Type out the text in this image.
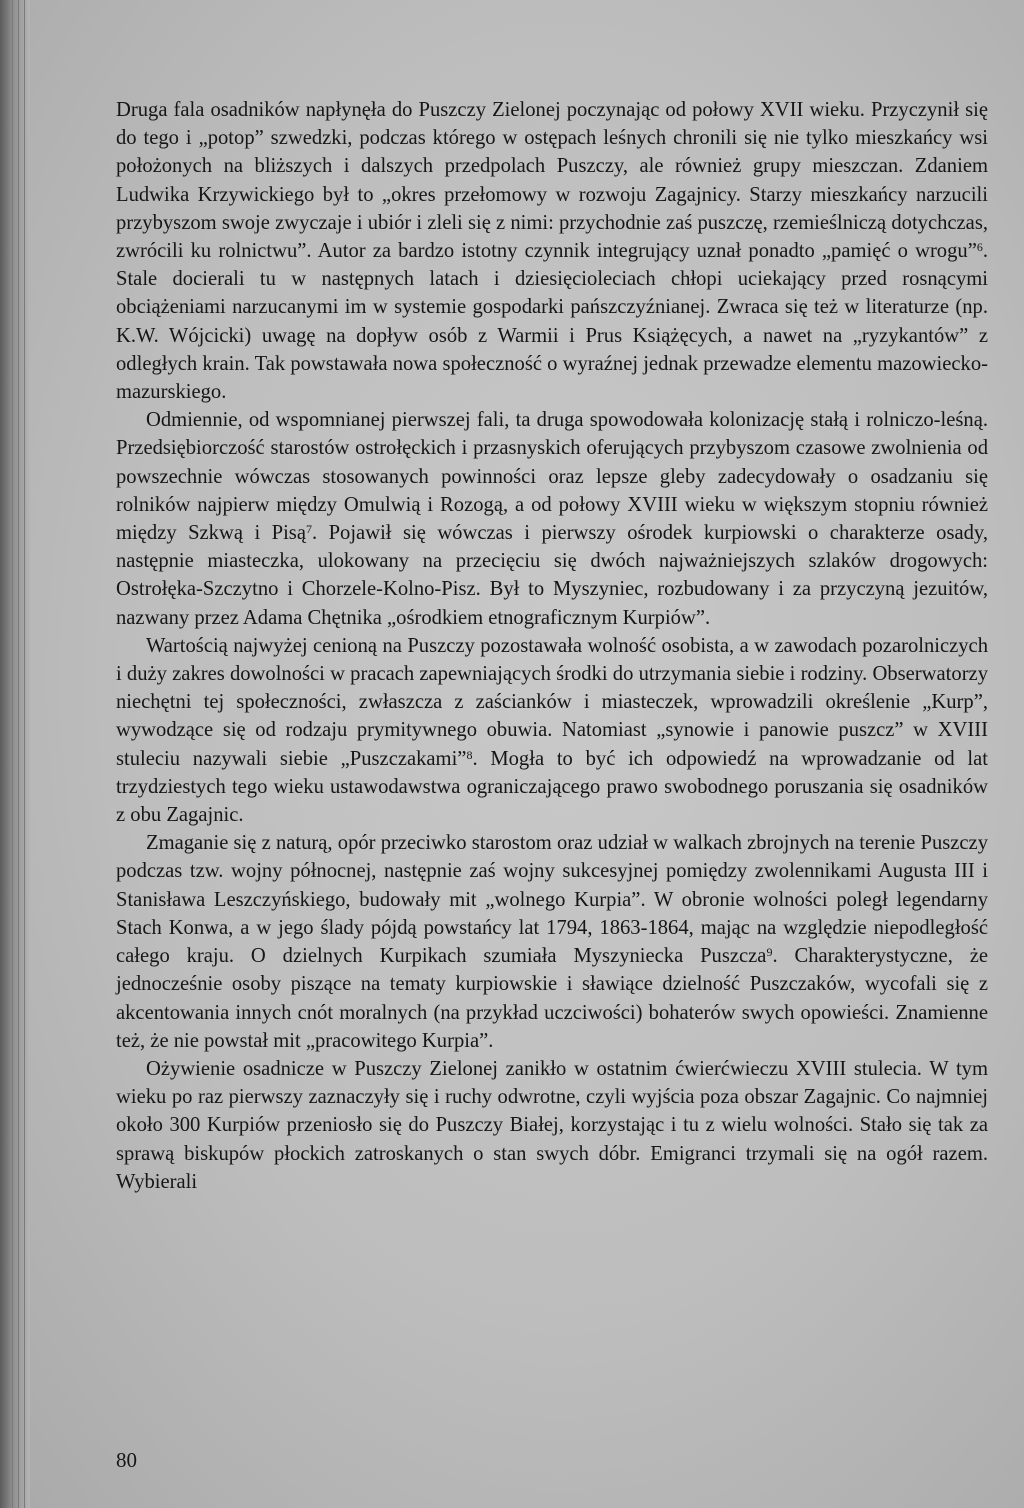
Druga fala osadników napłynęła do Puszczy Zielonej poczynając od połowy XVII wieku. Przyczynił się do tego i „potop” szwedzki, podczas którego w ostępach leśnych chronili się nie tylko mieszkańcy wsi położonych na bliższych i dalszych przedpolach Puszczy, ale również grupy mieszczan. Zdaniem Ludwika Krzywickiego był to „okres przełomowy w rozwoju Zagajnicy. Starzy mieszkańcy narzucili przybyszom swoje zwyczaje i ubiór i zleli się z nimi: przychodnie zaś puszczę, rzemieślniczą dotychczas, zwrócili ku rolnictwu”. Autor za bardzo istotny czynnik integrujący uznał ponadto „pamięć o wrogu”$^6$. Stale docierali tu w następnych latach i dziesięcioleciach chłopi uciekający przed rosnącymi obciążeniami narzucanymi im w systemie gospodarki pańszczyźnianej. Zwraca się też w literaturze (np. K.W. Wójcicki) uwagę na dopływ osób z Warmii i Prus Książęcych, a nawet na „ryzykantów” z odległych krain. Tak powstawała nowa społeczność o wyraźnej jednak przewadze elementu mazowiecko-mazurskiego.

Odmiennie, od wspomnianej pierwszej fali, ta druga spowodowała kolonizację stałą i rolniczo-leśną. Przedsiębiorczość starostów ostrołęckich i przasnyskich oferujących przybyszom czasowe zwolnienia od powszechnie wówczas stosowanych powinności oraz lepsze gleby zadecydowały o osadzaniu się rolników najpierw między Omulwią i Rozogą, a od połowy XVIII wieku w większym stopniu również między Szkwą i Pisą$^7$. Pojawił się wówczas i pierwszy ośrodek kurpiowski o charakterze osady, następnie miasteczka, ulokowany na przecięciu się dwóch najważniejszych szlaków drogowych: Ostrołęka-Szczytno i Chorzele-Kolno-Pisz. Był to Myszyniec, rozbudowany i za przyczyną jezuitów, nazwany przez Adama Chętnika „ośrodkiem etnograficznym Kurpiów”.

Wartością najwyżej cenioną na Puszczy pozostawała wolność osobista, a w zawodach pozarolniczych i duży zakres dowolności w pracach zapewniających środki do utrzymania siebie i rodziny. Obserwatorzy niechętni tej społeczności, zwłaszcza z zaścianków i miasteczek, wprowadzili określenie „Kurp”, wywodzące się od rodzaju prymitywnego obuwia. Natomiast „synowie i panowie puszcz” w XVIII stuleciu nazywali siebie „Puszczakami”$^8$. Mogła to być ich odpowiedź na wprowadzanie od lat trzydziestych tego wieku ustawodawstwa ograniczającego prawo swobodnego poruszania się osadników z obu Zagajnic.

Zmaganie się z naturą, opór przeciwko starostom oraz udział w walkach zbrojnych na terenie Puszczy podczas tzw. wojny północnej, następnie zaś wojny sukcesyjnej pomiędzy zwolennikami Augusta III i Stanisława Leszczyńskiego, budowały mit „wolnego Kurpia”. W obronie wolności poległ legendarny Stach Konwa, a w jego ślady pójdą powstańcy lat 1794, 1863-1864, mając na względzie niepodległość całego kraju. O dzielnych Kurpikach szumiała Myszyniecka Puszcza$^9$. Charakterystyczne, że jednocześnie osoby piszące na tematy kurpiowskie i sławiące dzielność Puszczaków, wycofali się z akcentowania innych cnót moralnych (na przykład uczciwości) bohaterów swych opowieści. Znamienne też, że nie powstał mit „pracowitego Kurpia”.

Ożywienie osadnicze w Puszczy Zielonej zanikło w ostatnim ćwierćwieczu XVIII stulecia. W tym wieku po raz pierwszy zaznaczyły się i ruchy odwrotne, czyli wyjścia poza obszar Zagajnic. Co najmniej około 300 Kurpiów przeniosło się do Puszczy Białej, korzystając i tu z wielu wolności. Stało się tak za sprawą biskupów płockich zatroskanych o stan swych dóbr. Emigranci trzymali się na ogół razem. Wybierali

80
